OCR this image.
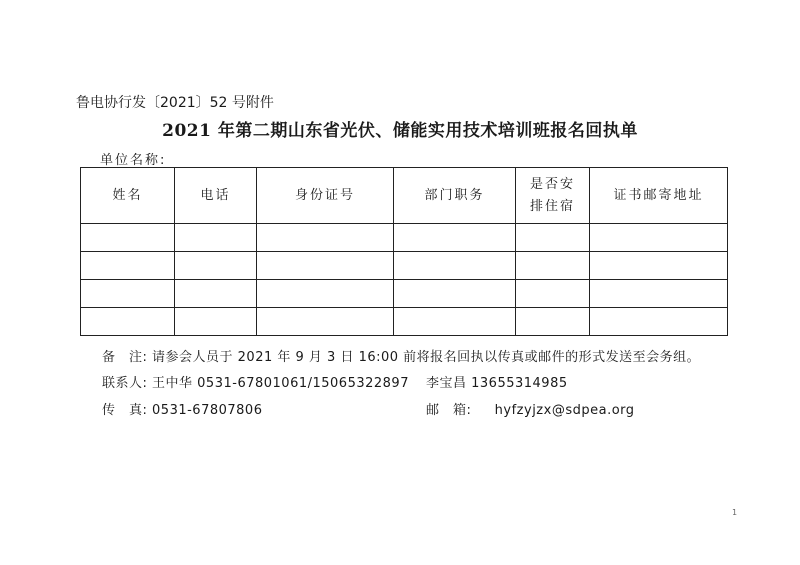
鲁电协行发〔2021〕52 号附件
2021 年第二期山东省光伏、储能实用技术培训班报名回执单
单位名称:
姓名	电话	身份证号	部门职务	是否安排住宿	证书邮寄地址

备　注: 请参会人员于 2021 年 9 月 3 日 16:00 前将报名回执以传真或邮件的形式发送至会务组。
联系人: 王中华 0531-67801061/15065322897 李宝昌 13655314985
传　真: 0531-67807806	邮　箱: hyfzyjzx@sdpea.org
1
